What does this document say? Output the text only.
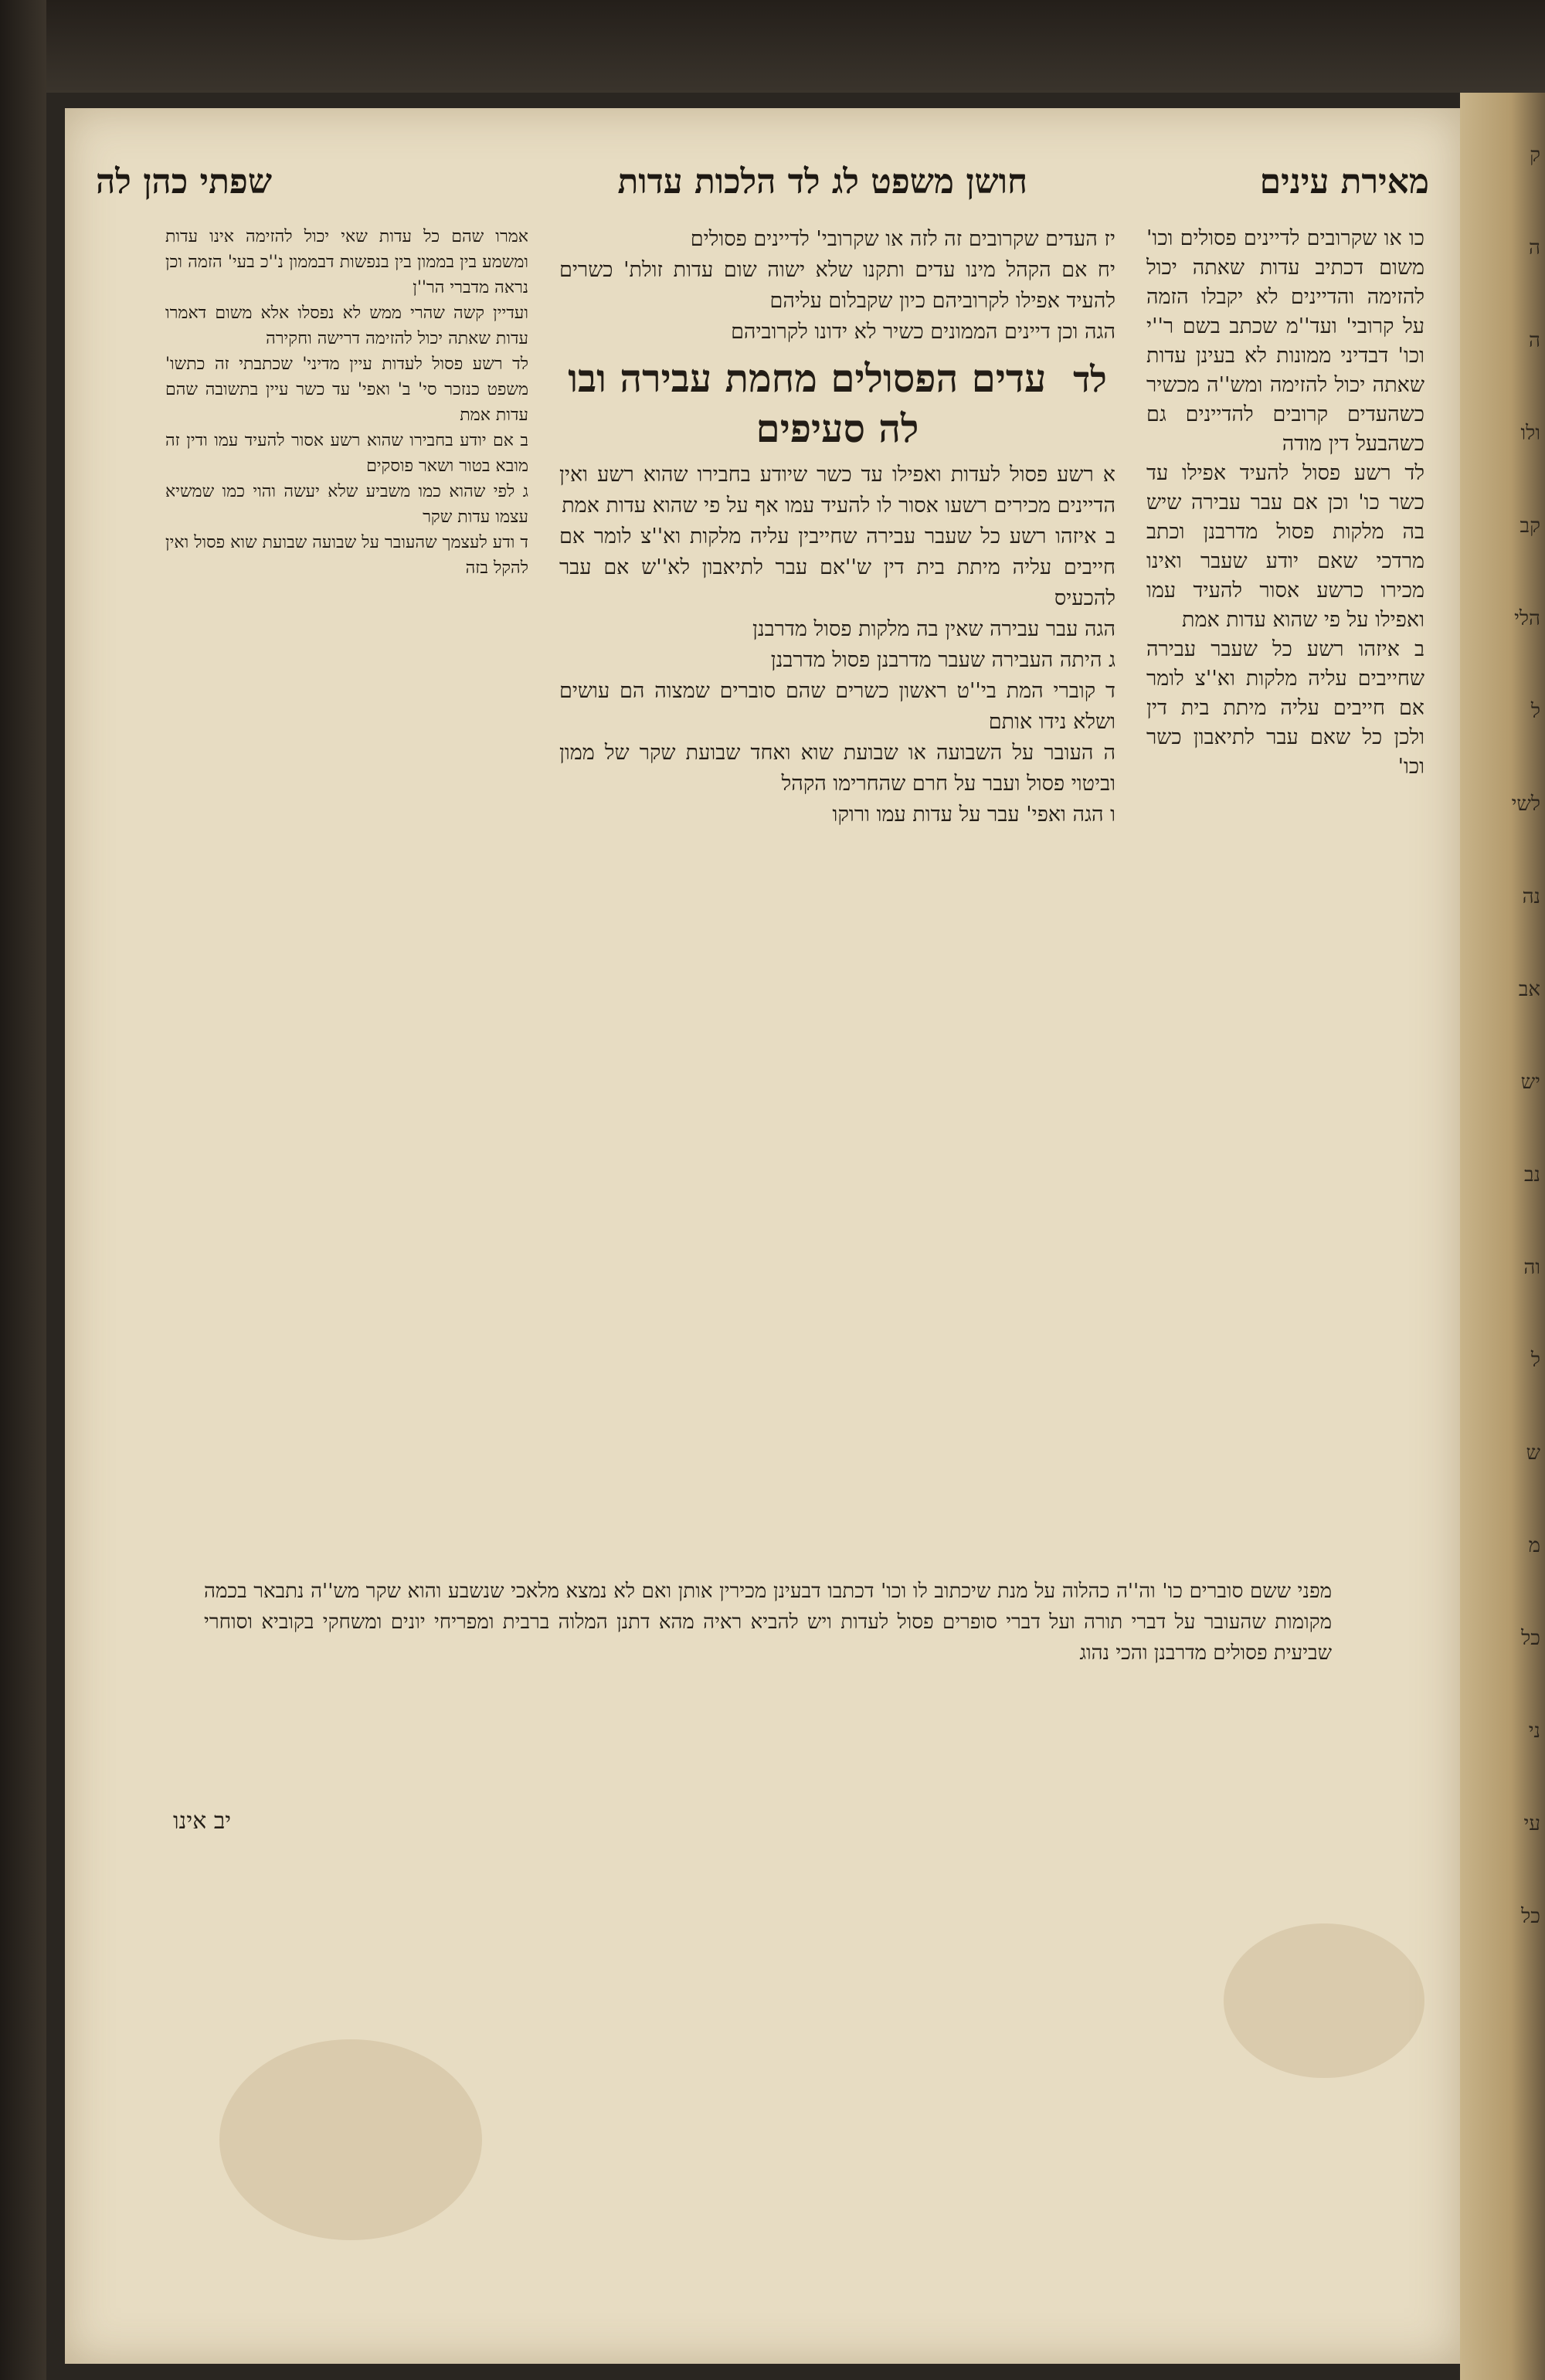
ק
ה
ה
ולו
קב
הלי
ל
לשי
נה
אב
יש
נב
וה
ל
ש
מ
כל
ני
עי
כל
מאירת עינים
חושן משפט לג לד הלכות עדות
שפתי כהן לה

כו או שקרובים לדיינים פסולים וכו' משום דכתיב עדות שאתה יכול להזימה והדיינים לא יקבלו הזמה על קרובי' ועד''מ שכתב בשם ר''י וכו' דבדיני ממונות לא בעינן עדות שאתה יכול להזימה ומש''ה מכשיר כשהעדים קרובים להדיינים גם כשהבעל דין מודה

לד רשע פסול להעיד אפילו עד כשר כו' וכן אם עבר עבירה שיש בה מלקות פסול מדרבנן וכתב מרדכי שאם יודע שעבר ואינו מכירו כרשע אסור להעיד עמו ואפילו על פי שהוא עדות אמת

ב איזהו רשע כל שעבר עבירה שחייבים עליה מלקות וא''צ לומר אם חייבים עליה מיתת בית דין ולכן כל שאם עבר לתיאבון כשר וכו'

יז העדים שקרובים זה לזה או שקרובי' לדיינים פסולים

יח אם הקהל מינו עדים ותקנו שלא ישוה שום עדות זולת' כשרים להעיד אפילו לקרוביהם כיון שקבלום עליהם

הגה וכן דיינים הממונים כשיר לא ידונו לקרוביהם

לד  עדים הפסולים מחמת עבירה ובו לה סעיפים

א רשע פסול לעדות ואפילו עד כשר שיודע בחבירו שהוא רשע ואין הדיינים מכירים רשעו אסור לו להעיד עמו אף על פי שהוא עדות אמת

ב איזהו רשע כל שעבר עבירה שחייבין עליה מלקות וא''צ לומר אם חייבים עליה מיתת בית דין ש''אם עבר לתיאבון לא''ש אם עבר להכעיס

הגה עבר עבירה שאין בה מלקות פסול מדרבנן

ג היתה העבירה שעבר מדרבנן פסול מדרבנן

ד קוברי המת בי''ט ראשון כשרים שהם סוברים שמצוה הם עושים ושלא נידו אותם

ה העובר על השבועה או שבועת שוא ואחד שבועת שקר של ממון וביטוי פסול ועבר על חרם שהחרימו הקהל

ו הגה ואפי' עבר על עדות עמו ורוקו

אמרו שהם כל עדות שאי יכול להזימה אינו עדות ומשמע בין בממון בין בנפשות דבממון נ''כ בעי' הזמה וכן נראה מדברי הר''ן

ועדיין קשה שהרי ממש לא נפסלו אלא משום דאמרו עדות שאתה יכול להזימה דרישה וחקירה

לד רשע פסול לעדות עיין מדיני' שכתבתי זה כתשו' משפט כנזכר סי' ב' ואפי' עד כשר עיין בתשובה שהם עדות אמת

ב אם יודע בחבירו שהוא רשע אסור להעיד עמו ודין זה מובא בטור ושאר פוסקים

ג לפי שהוא כמו משביע שלא יעשה והוי כמו שמשיא עצמו עדות שקר

ד ודע לעצמך שהעובר על שבועה שבועת שוא פסול ואין להקל בזה

מפני ששם סוברים כו' וה''ה כהלוה על מנת שיכתוב לו וכו' דכתבו דבעינן מכירין אותן ואם לא נמצא מלאכי שנשבע והוא שקר מש''ה נתבאר בכמה מקומות שהעובר על דברי תורה ועל דברי סופרים פסול לעדות ויש להביא ראיה מהא דתנן המלוה ברבית ומפריחי יונים ומשחקי בקוביא וסוחרי שביעית פסולים מדרבנן והכי נהוג

יב אינו
